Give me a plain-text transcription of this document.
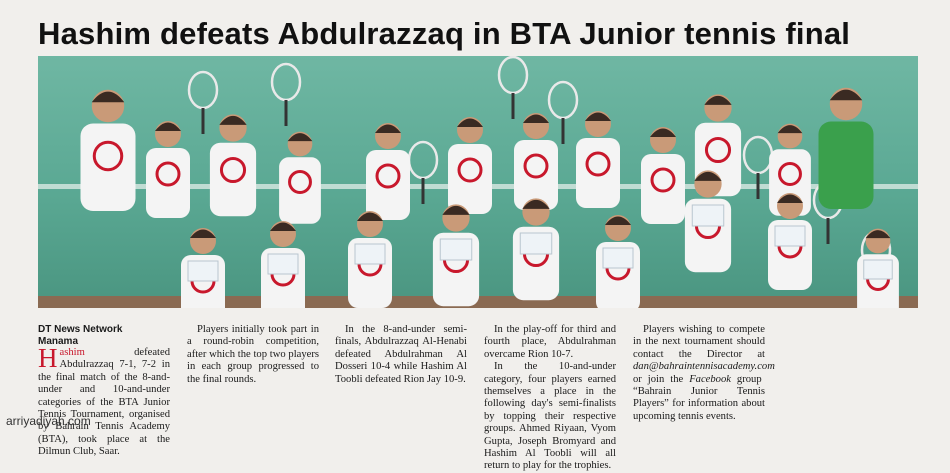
Hashim defeats Abdulrazzaq in BTA Junior tennis final

DT News Network

Manama

Hashim defeated Abdulrazzaq 7-1, 7-2 in the final match of the 8-and-under and 10-and-under categories of the BTA Junior Tennis Tournament, organised by Bahrain Tennis Academy (BTA), took place at the Dilmun Club, Saar.

Players initially took part in a round-robin competition, after which the top two players in each group progressed to the final rounds.

In the 8-and-under semi-finals, Abdulrazzaq Al-Henabi defeated Abdulrahman Al Dosseri 10-4 while Hashim Al Toobli defeated Rion Jay 10-9.

In the play-off for third and fourth place, Abdulrahman overcame Rion 10-7.

In the 10-and-under category, four players earned themselves a place in the following day's semi-finalists by topping their respective groups. Ahmed Riyaan, Vyom Gupta, Joseph Bromyard and Hashim Al Toobli will all return to play for the trophies.

Players wishing to compete in the next tournament should contact the Director at dan@bahraintennisacademy.com or join the Facebook group “Bahrain Junior Tennis Players” for information about upcoming tennis events.

arriyadiyah.com
